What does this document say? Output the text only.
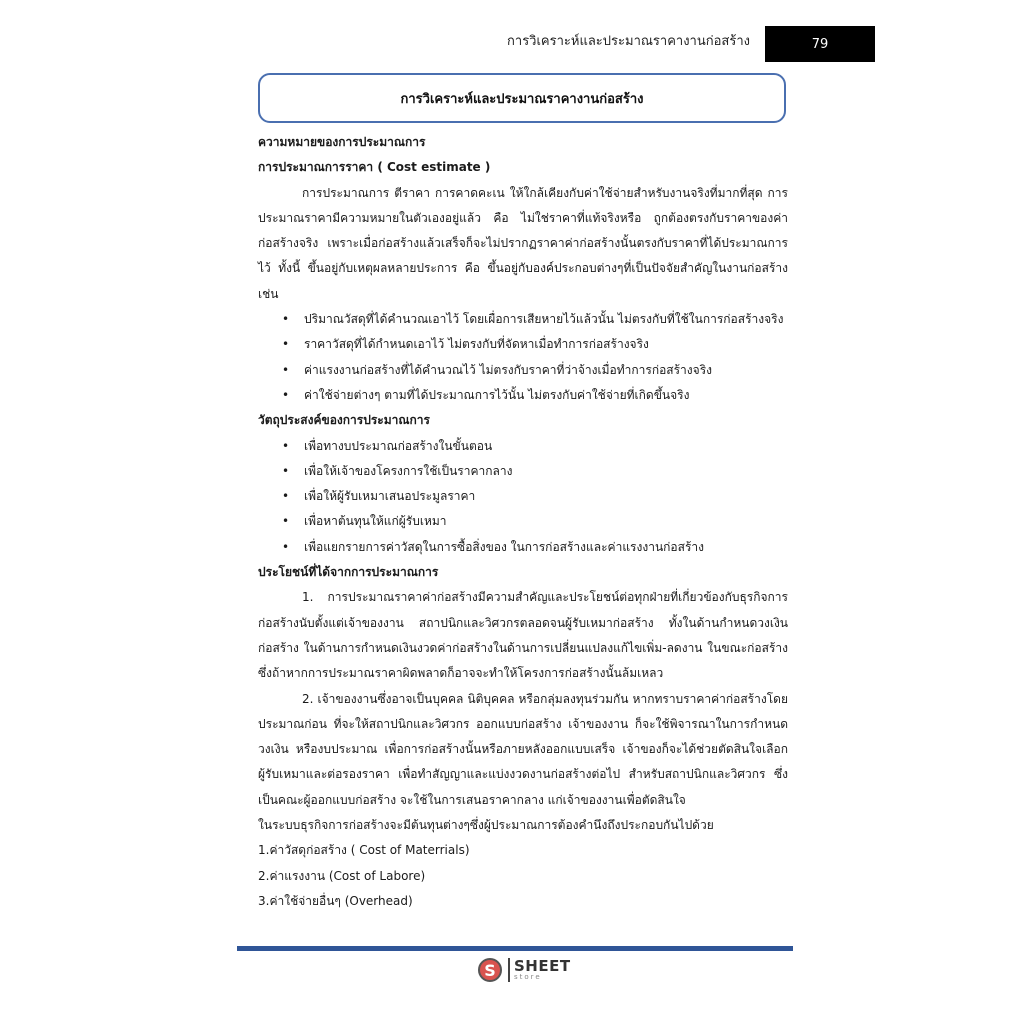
การวิเคราะห์และประมาณราคางานก่อสร้าง	79
การวิเคราะห์และประมาณราคางานก่อสร้าง

ความหมายของการประมาณการ

การประมาณการราคา ( Cost estimate )

การประมาณการ ตีราคา การคาดคะเน ให้ใกล้เคียงกับค่าใช้จ่ายสำหรับงานจริงที่มากที่สุด การประมาณราคามีความหมายในตัวเองอยู่แล้ว คือ ไม่ใช่ราคาที่แท้จริงหรือ ถูกต้องตรงกับราคาของค่าก่อสร้างจริง เพราะเมื่อก่อสร้างแล้วเสร็จก็จะไม่ปรากฏราคาค่าก่อสร้างนั้นตรงกับราคาที่ได้ประมาณการไว้ ทั้งนี้ ขึ้นอยู่กับเหตุผลหลายประการ คือ ขึ้นอยู่กับองค์ประกอบต่างๆที่เป็นปัจจัยสำคัญในงานก่อสร้าง เช่น

• ปริมาณวัสดุที่ได้คำนวณเอาไว้ โดยเผื่อการเสียหายไว้แล้วนั้น ไม่ตรงกับที่ใช้ในการก่อสร้างจริง
• ราคาวัสดุที่ได้กำหนดเอาไว้ ไม่ตรงกับที่จัดหาเมื่อทำการก่อสร้างจริง
• ค่าแรงงานก่อสร้างที่ได้คำนวณไว้ ไม่ตรงกับราคาที่ว่าจ้างเมื่อทำการก่อสร้างจริง
• ค่าใช้จ่ายต่างๆ ตามที่ได้ประมาณการไว้นั้น ไม่ตรงกับค่าใช้จ่ายที่เกิดขึ้นจริง

วัตถุประสงค์ของการประมาณการ

• เพื่อทางบประมาณก่อสร้างในขั้นตอน
• เพื่อให้เจ้าของโครงการใช้เป็นราคากลาง
• เพื่อให้ผู้รับเหมาเสนอประมูลราคา
• เพื่อหาต้นทุนให้แก่ผู้รับเหมา
• เพื่อแยกรายการค่าวัสดุในการซื้อสิ่งของ ในการก่อสร้างและค่าแรงงานก่อสร้าง

ประโยชน์ที่ได้จากการประมาณการ

1. การประมาณราคาค่าก่อสร้างมีความสำคัญและประโยชน์ต่อทุกฝ่ายที่เกี่ยวข้องกับธุรกิจการก่อสร้างนับตั้งแต่เจ้าของงาน สถาปนิกและวิศวกรตลอดจนผู้รับเหมาก่อสร้าง ทั้งในด้านกำหนดวงเงินก่อสร้าง ในด้านการกำหนดเงินงวดค่าก่อสร้างในด้านการเปลี่ยนแปลงแก้ไขเพิ่ม-ลดงาน ในขณะก่อสร้างซึ่งถ้าหากการประมาณราคาผิดพลาดก็อาจจะทำให้โครงการก่อสร้างนั้นล้มเหลว

2. เจ้าของงานซึ่งอาจเป็นบุคคล นิติบุคคล หรือกลุ่มลงทุนร่วมกัน หากทราบราคาค่าก่อสร้างโดยประมาณก่อน ที่จะให้สถาปนิกและวิศวกร ออกแบบก่อสร้าง เจ้าของงาน ก็จะใช้พิจารณาในการกำหนดวงเงิน หรืองบประมาณ เพื่อการก่อสร้างนั้นหรือภายหลังออกแบบเสร็จ เจ้าของก็จะได้ช่วยตัดสินใจเลือก ผู้รับเหมาและต่อรองราคา เพื่อทำสัญญาและแบ่งงวดงานก่อสร้างต่อไป สำหรับสถาปนิกและวิศวกร ซึ่งเป็นคณะผู้ออกแบบก่อสร้าง จะใช้ในการเสนอราคากลาง แก่เจ้าของงานเพื่อตัดสินใจ

ในระบบธุรกิจการก่อสร้างจะมีต้นทุนต่างๆซึ่งผู้ประมาณการต้องคำนึงถึงประกอบกันไปด้วย

1.ค่าวัสดุก่อสร้าง ( Cost of Materrials)

2.ค่าแรงงาน (Cost of Labore)

3.ค่าใช้จ่ายอื่นๆ (Overhead)

S	SHEET
store
